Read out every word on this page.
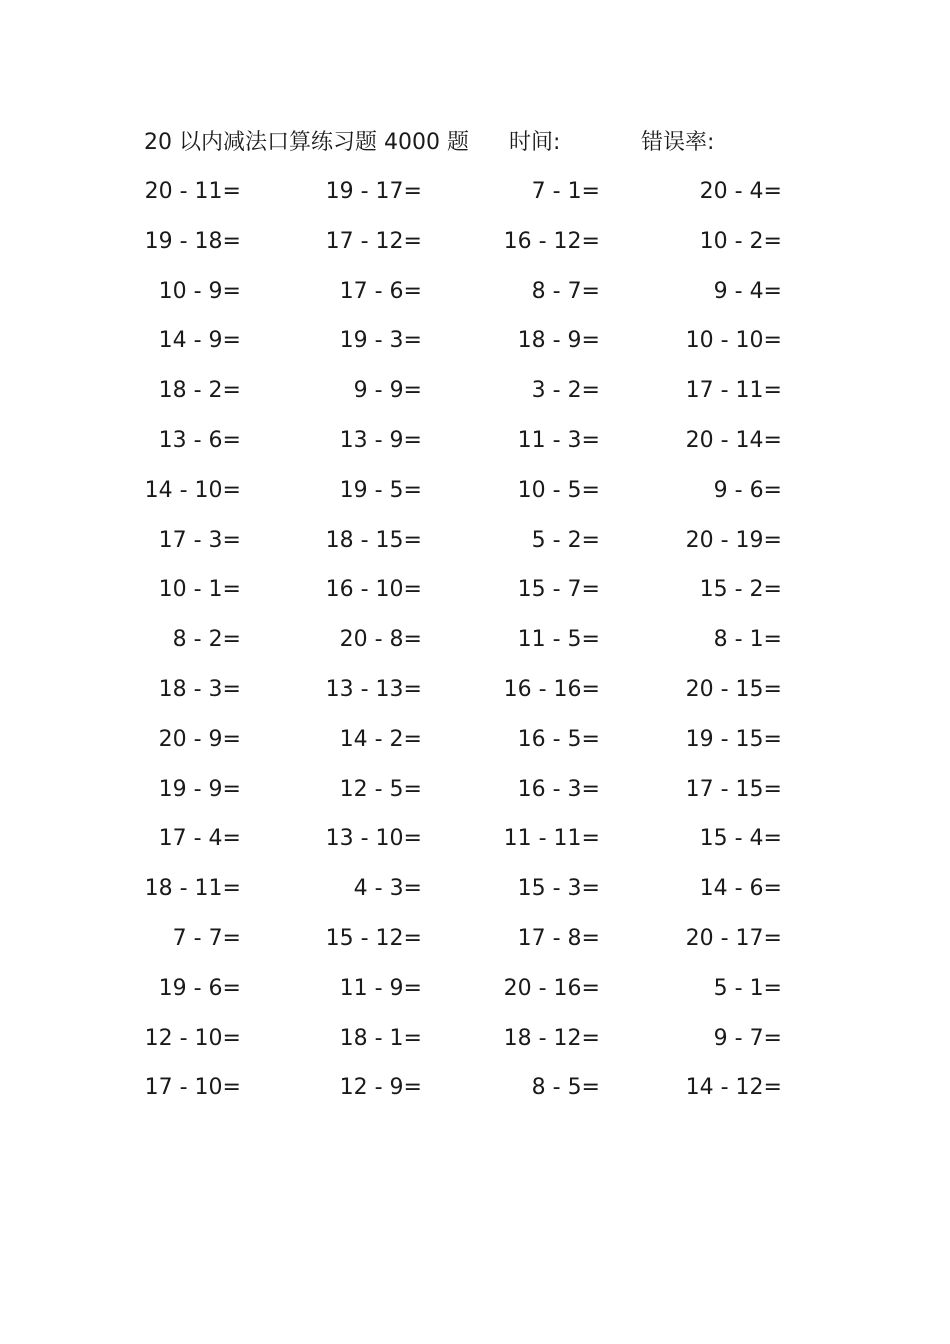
20 以内减法口算练习题 4000 题 时间:	错误率:
20 - 11=	19 - 17=	7 - 1=	20 - 4=
19 - 18=	17 - 12=	16 - 12=	10 - 2=
10 - 9=	17 - 6=	8 - 7=	9 - 4=
14 - 9=	19 - 3=	18 - 9=	10 - 10=
18 - 2=	9 - 9=	3 - 2=	17 - 11=
13 - 6=	13 - 9=	11 - 3=	20 - 14=
14 - 10=	19 - 5=	10 - 5=	9 - 6=
17 - 3=	18 - 15=	5 - 2=	20 - 19=
10 - 1=	16 - 10=	15 - 7=	15 - 2=
8 - 2=	20 - 8=	11 - 5=	8 - 1=
18 - 3=	13 - 13=	16 - 16=	20 - 15=
20 - 9=	14 - 2=	16 - 5=	19 - 15=
19 - 9=	12 - 5=	16 - 3=	17 - 15=
17 - 4=	13 - 10=	11 - 11=	15 - 4=
18 - 11=	4 - 3=	15 - 3=	14 - 6=
7 - 7=	15 - 12=	17 - 8=	20 - 17=
19 - 6=	11 - 9=	20 - 16=	5 - 1=
12 - 10=	18 - 1=	18 - 12=	9 - 7=
17 - 10=	12 - 9=	8 - 5=	14 - 12=
